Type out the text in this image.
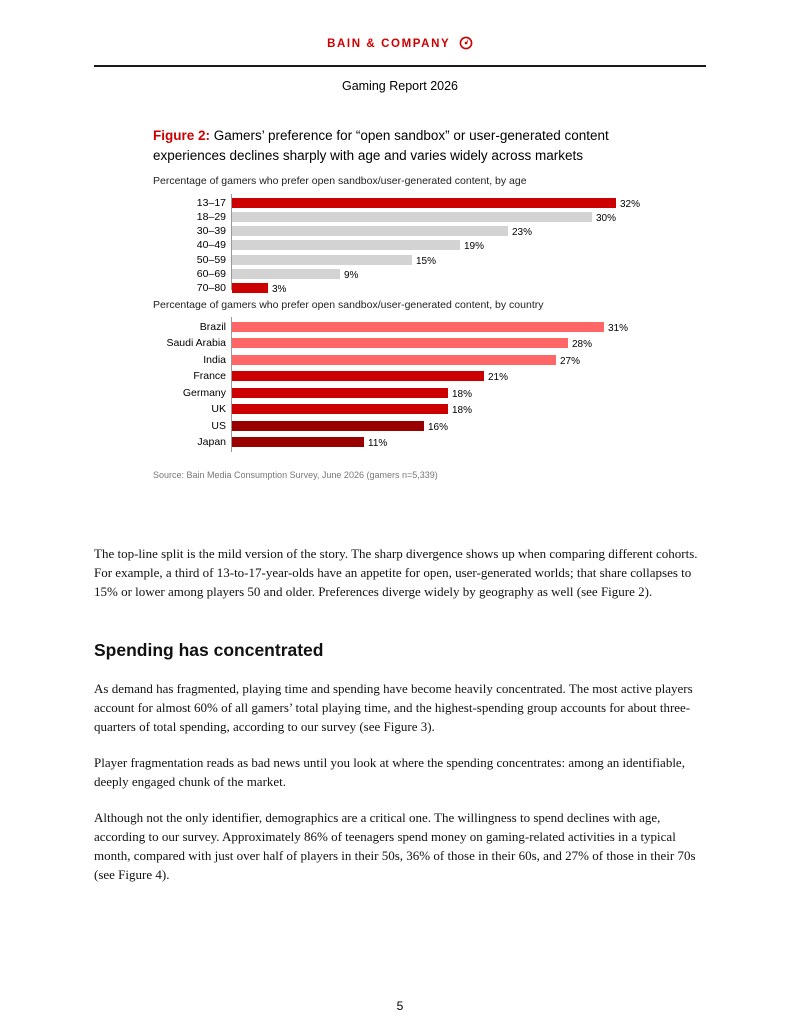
BAIN & COMPANY
Gaming Report 2026
Figure 2: Gamers’ preference for “open sandbox” or user-generated content experiences declines sharply with age and varies widely across markets
Percentage of gamers who prefer open sandbox/user-generated content, by age
13–17	32%
18–29	30%
30–39	23%
40–49	19%
50–59	15%
60–69	9%
70–80	3%
Percentage of gamers who prefer open sandbox/user-generated content, by country
Brazil	31%
Saudi Arabia	28%
India	27%
France	21%
Germany	18%
UK	18%
US	16%
Japan	11%
Source: Bain Media Consumption Survey, June 2026 (gamers n=5,339)
The top-line split is the mild version of the story. The sharp divergence shows up when comparing different cohorts. For example, a third of 13-to-17-year-olds have an appetite for open, user-generated worlds; that share collapses to 15% or lower among players 50 and older. Preferences diverge widely by geography as well (see Figure 2).
Spending has concentrated
As demand has fragmented, playing time and spending have become heavily concentrated. The most active players account for almost 60% of all gamers’ total playing time, and the highest-spending group accounts for about three-quarters of total spending, according to our survey (see Figure 3).
Player fragmentation reads as bad news until you look at where the spending concentrates: among an identifiable, deeply engaged chunk of the market.
Although not the only identifier, demographics are a critical one. The willingness to spend declines with age, according to our survey. Approximately 86% of teenagers spend money on gaming-related activities in a typical month, compared with just over half of players in their 50s, 36% of those in their 60s, and 27% of those in their 70s (see Figure 4).
5
